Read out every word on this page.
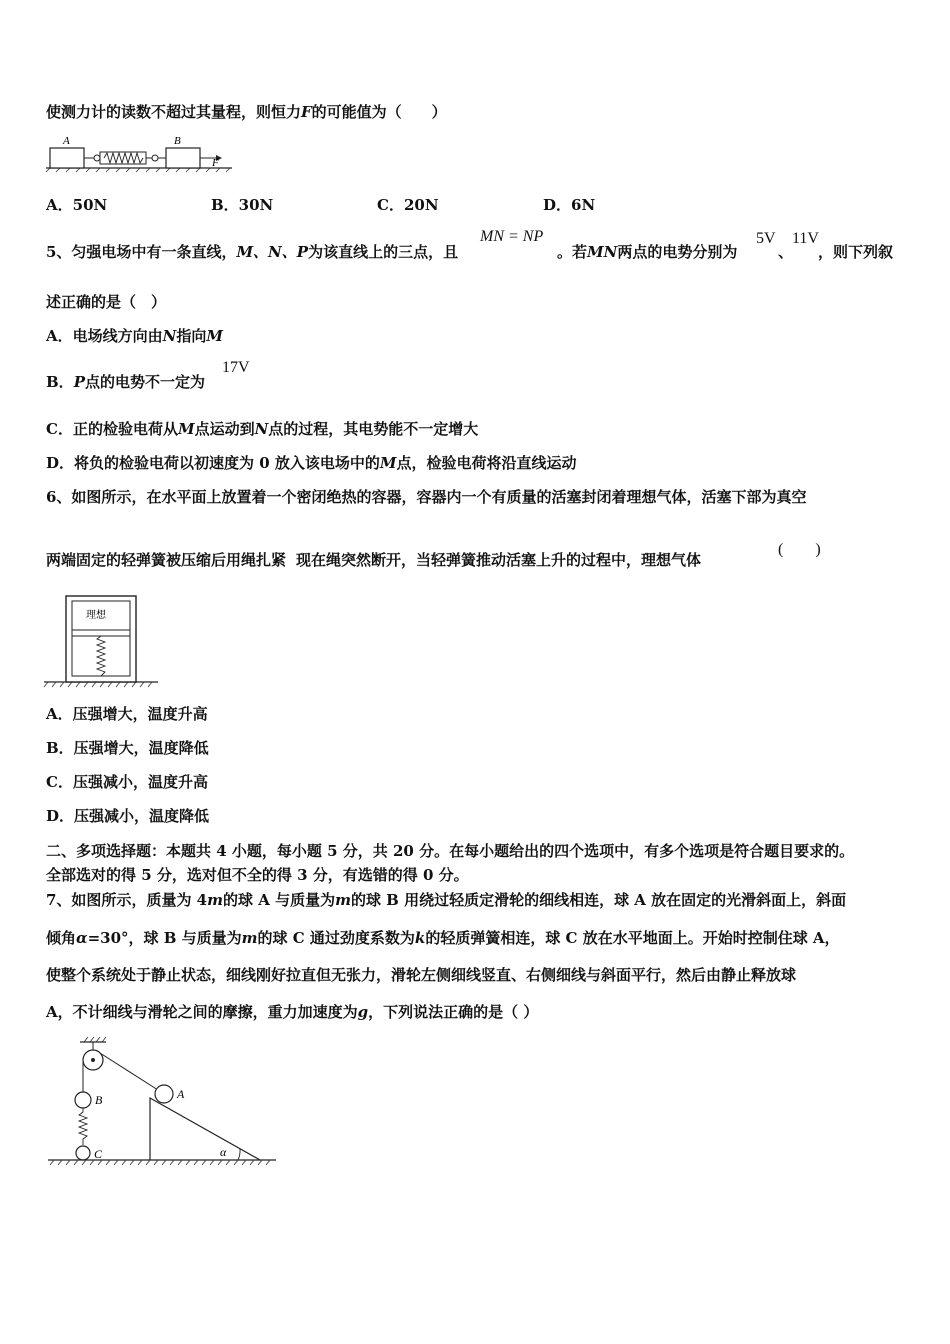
使测力计的读数不超过其量程，则恒力F的可能值为（　　）
A	B
F
A．50N	B．30N	C．20N	D．6N
5、匀强电场中有一条直线，M、N、P为该直线上的三点，且
MN = NP
。若MN两点的电势分别为
5V
、
11V
，则下列叙
述正确的是（　）
A．电场线方向由N指向M
B．P点的电势不一定为
17V
C．正的检验电荷从M点运动到N点的过程，其电势能不一定增大
D．将负的检验电荷以初速度为 0 放入该电场中的M点，检验电荷将沿直线运动
6、如图所示，在水平面上放置着一个密闭绝热的容器，容器内一个有质量的活塞封闭着理想气体，活塞下部为真空
两端固定的轻弹簧被压缩后用绳扎紧 现在绳突然断开，当轻弹簧推动活塞上升的过程中，理想气体
(　　)
理想
A．压强增大，温度升高
B．压强增大，温度降低
C．压强减小，温度升高
D．压强减小，温度降低
二、多项选择题：本题共 4 小题，每小题 5 分，共 20 分。在每小题给出的四个选项中，有多个选项是符合题目要求的。
全部选对的得 5 分，选对但不全的得 3 分，有选错的得 0 分。
7、如图所示，质量为 4m的球 A 与质量为m的球 B 用绕过轻质定滑轮的细线相连，球 A 放在固定的光滑斜面上，斜面
倾角α=30°，球 B 与质量为m的球 C 通过劲度系数为k的轻质弹簧相连，球 C 放在水平地面上。开始时控制住球 A，
使整个系统处于静止状态，细线刚好拉直但无张力，滑轮左侧细线竖直、右侧细线与斜面平行，然后由静止释放球
A，不计细线与滑轮之间的摩擦，重力加速度为g，下列说法正确的是（ ）
B
C
A
α
